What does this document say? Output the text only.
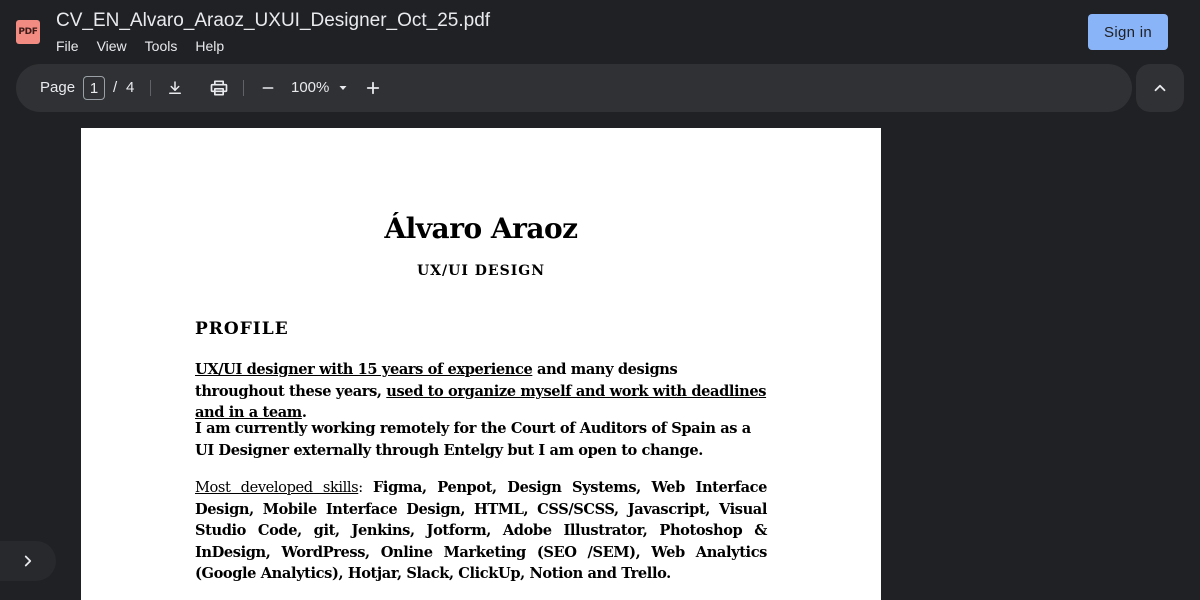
PDF
CV_EN_Alvaro_Araoz_UXUI_Designer_Oct_25.pdf
File View Tools Help
Sign in
Page
1	/ 4	100%
Álvaro Araoz
UX/UI DESIGN
PROFILE
UX/UI designer with 15 years of experience and many designs throughout these years, used to organize myself and work with deadlines and in a team.
I am currently working remotely for the Court of Auditors of Spain as a UI Designer externally through Entelgy but I am open to change.
Most developed skills: Figma, Penpot, Design Systems, Web Interface Design, Mobile Interface Design, HTML, CSS/SCSS, Javascript, Visual Studio Code, git, Jenkins, Jotform, Adobe Illustrator, Photoshop & InDesign, WordPress, Online Marketing (SEO /SEM), Web Analytics (Google Analytics), Hotjar, Slack, ClickUp, Notion and Trello.
